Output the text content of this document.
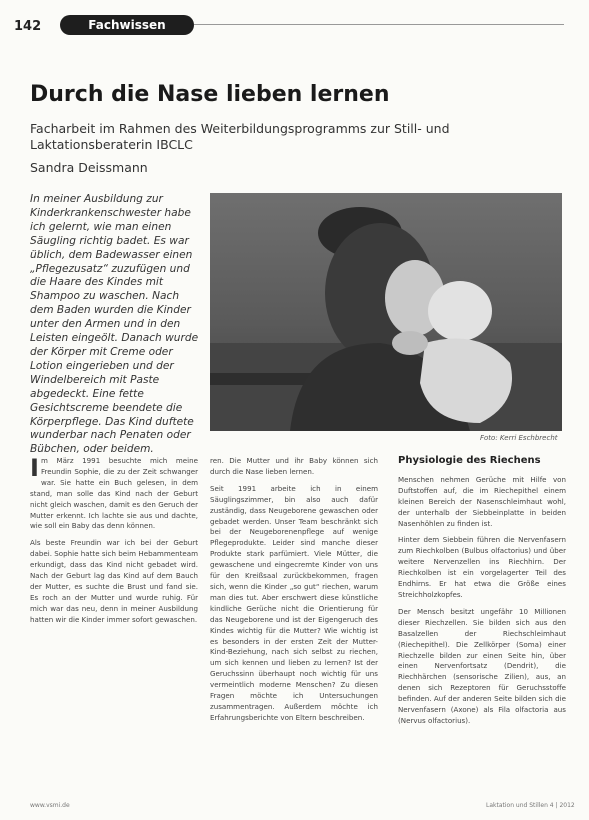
142	Fachwissen
Durch die Nase lieben lernen
Facharbeit im Rahmen des Weiterbildungsprogramms zur Still- und Laktationsberaterin IBCLC
Sandra Deissmann
In meiner Ausbildung zur Kinderkrankenschwester habe ich gelernt, wie man einen Säugling richtig badet. Es war üblich, dem Badewasser einen „Pflegezusatz“ zuzufügen und die Haare des Kindes mit Shampoo zu waschen. Nach dem Baden wurden die Kinder unter den Armen und in den Leisten eingeölt. Danach wurde der Körper mit Creme oder Lotion eingerieben und der Windelbereich mit Paste abgedeckt. Eine fette Gesichtscreme beendete die Körperpflege. Das Kind duftete wunderbar nach Penaten oder Bübchen, oder beidem.
Foto: Kerri Eschbrecht

Im März 1991 besuchte mich meine Freundin Sophie, die zu der Zeit schwanger war. Sie hatte ein Buch gelesen, in dem stand, man solle das Kind nach der Geburt nicht gleich waschen, damit es den Geruch der Mutter erkennt. Ich lachte sie aus und dachte, wie soll ein Baby das denn können.

Als beste Freundin war ich bei der Geburt dabei. Sophie hatte sich beim Hebammenteam erkundigt, dass das Kind nicht gebadet wird. Nach der Geburt lag das Kind auf dem Bauch der Mutter, es suchte die Brust und fand sie. Es roch an der Mutter und wurde ruhig. Für mich war das neu, denn in meiner Ausbildung hatten wir die Kinder immer sofort gewaschen.

ren. Die Mutter und ihr Baby können sich durch die Nase lieben lernen.

Seit 1991 arbeite ich in einem Säuglingszimmer, bin also auch dafür zuständig, dass Neugeborene gewaschen oder gebadet werden. Unser Team beschränkt sich bei der Neugeborenenpflege auf wenige Pflegeprodukte. Leider sind manche dieser Produkte stark parfümiert. Viele Mütter, die gewaschene und eingecremte Kinder von uns für den Kreißsaal zurückbekommen, fragen sich, wenn die Kinder „so gut“ riechen, warum man dies tut. Aber erschwert diese künstliche kindliche Gerüche nicht die Orientierung für das Neugeborene und ist der Eigengeruch des Kindes wichtig für die Mutter? Wie wichtig ist es besonders in der ersten Zeit der Mutter-Kind-Beziehung, nach sich selbst zu riechen, um sich kennen und lieben zu lernen? Ist der Geruchssinn überhaupt noch wichtig für uns vermeintlich moderne Menschen? Zu diesen Fragen möchte ich Untersuchungen zusammentragen. Außerdem möchte ich Erfahrungsberichte von Eltern beschreiben.

Physiologie des Riechens

Menschen nehmen Gerüche mit Hilfe von Duftstoffen auf, die im Riechepithel einem kleinen Bereich der Nasenschleimhaut wohl, der unterhalb der Siebbeinplatte in beiden Nasenhöhlen zu finden ist.

Hinter dem Siebbein führen die Nervenfasern zum Riechkolben (Bulbus olfactorius) und über weitere Nervenzellen ins Riechhirn. Der Riechkolben ist ein vorgelagerter Teil des Endhirns. Er hat etwa die Größe eines Streichholzkopfes.

Der Mensch besitzt ungefähr 10 Millionen dieser Riechzellen. Sie bilden sich aus den Basalzellen der Riechschleimhaut (Riechepithel). Die Zellkörper (Soma) einer Riechzelle bilden zur einen Seite hin, über einen Nervenfortsatz (Dendrit), die Riechhärchen (sensorische Zilien), aus, an denen sich Rezeptoren für Geruchsstoffe befinden. Auf der anderen Seite bilden sich die Nervenfasern (Axone) als Fila olfactoria aus (Nervus olfactorius).

www.vsmi.de	Laktation und Stillen 4 | 2012
